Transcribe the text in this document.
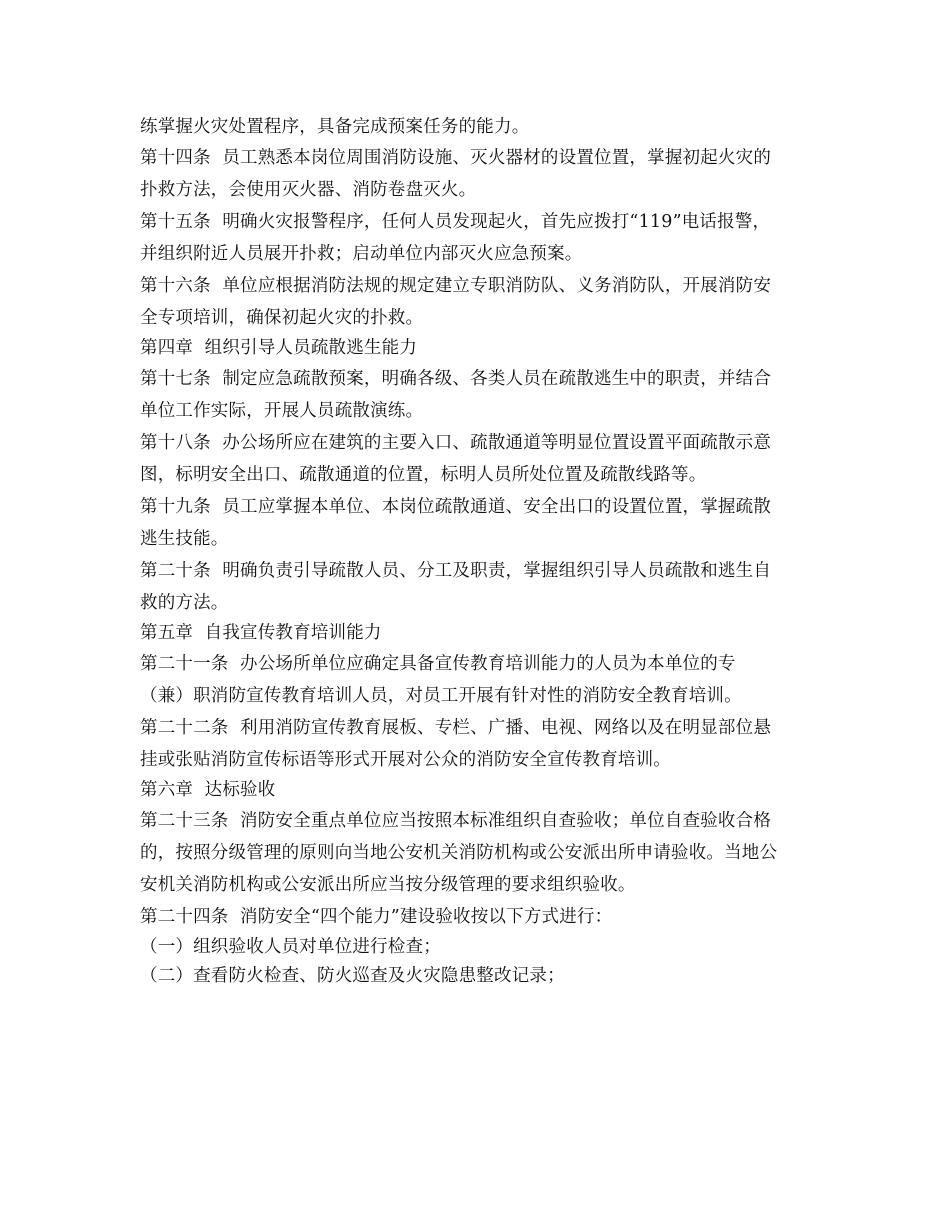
练掌握火灾处置程序，具备完成预案任务的能力。
第十四条  员工熟悉本岗位周围消防设施、灭火器材的设置位置，掌握初起火灾的
扑救方法，会使用灭火器、消防卷盘灭火。
第十五条  明确火灾报警程序，任何人员发现起火，首先应拨打“119”电话报警，
并组织附近人员展开扑救；启动单位内部灭火应急预案。
第十六条  单位应根据消防法规的规定建立专职消防队、义务消防队，开展消防安
全专项培训，确保初起火灾的扑救。
第四章  组织引导人员疏散逃生能力
第十七条  制定应急疏散预案，明确各级、各类人员在疏散逃生中的职责，并结合
单位工作实际，开展人员疏散演练。
第十八条  办公场所应在建筑的主要入口、疏散通道等明显位置设置平面疏散示意
图，标明安全出口、疏散通道的位置，标明人员所处位置及疏散线路等。
第十九条  员工应掌握本单位、本岗位疏散通道、安全出口的设置位置，掌握疏散
逃生技能。
第二十条  明确负责引导疏散人员、分工及职责，掌握组织引导人员疏散和逃生自
救的方法。
第五章  自我宣传教育培训能力
第二十一条  办公场所单位应确定具备宣传教育培训能力的人员为本单位的专
（兼）职消防宣传教育培训人员，对员工开展有针对性的消防安全教育培训。
第二十二条  利用消防宣传教育展板、专栏、广播、电视、网络以及在明显部位悬
挂或张贴消防宣传标语等形式开展对公众的消防安全宣传教育培训。
第六章  达标验收
第二十三条  消防安全重点单位应当按照本标准组织自查验收；单位自查验收合格
的，按照分级管理的原则向当地公安机关消防机构或公安派出所申请验收。当地公
安机关消防机构或公安派出所应当按分级管理的要求组织验收。
第二十四条  消防安全“四个能力”建设验收按以下方式进行：
（一）组织验收人员对单位进行检查；
（二）查看防火检查、防火巡查及火灾隐患整改记录；
